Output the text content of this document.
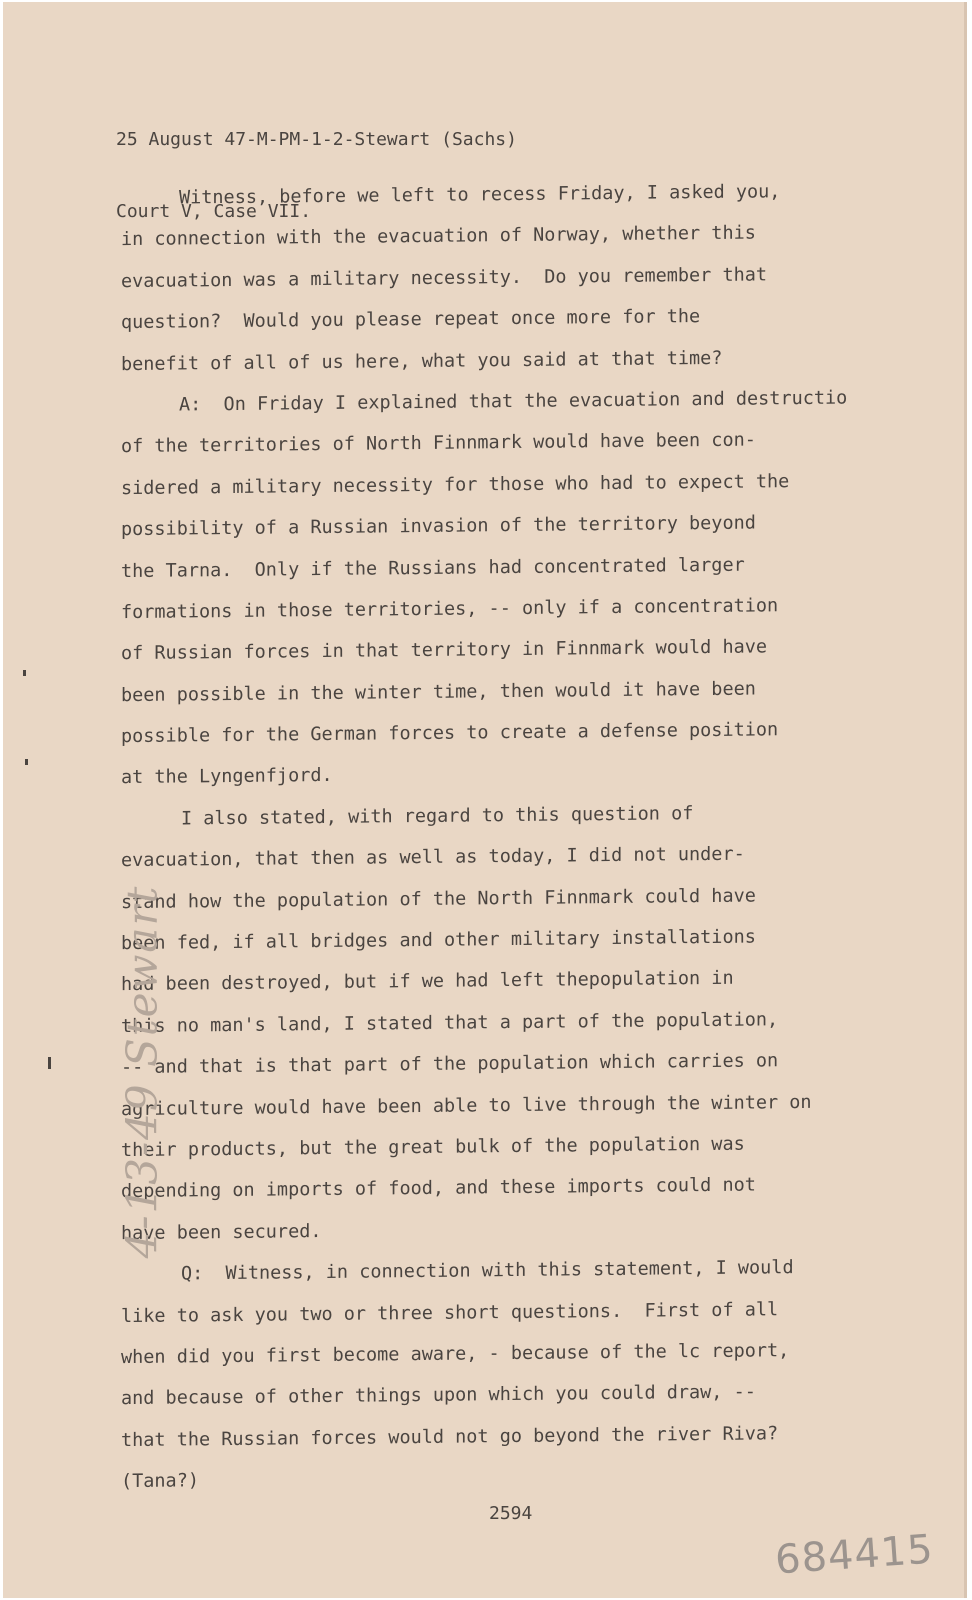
25 August 47-M-PM-1-2-Stewart (Sachs)

Court V, Case VII.

Witness, before we left to recess Friday, I asked you,
in connection with the evacuation of Norway, whether this
evacuation was a military necessity.  Do you remember that
question?  Would you please repeat once more for the
benefit of all of us here, what you said at that time?
A:  On Friday I explained that the evacuation and destructio
of the territories of North Finnmark would have been con-
sidered a military necessity for those who had to expect the
possibility of a Russian invasion of the territory beyond
the Tarna.  Only if the Russians had concentrated larger
formations in those territories, -- only if a concentration
of Russian forces in that territory in Finnmark would have
been possible in the winter time, then would it have been
possible for the German forces to create a defense position
at the Lyngenfjord.
I also stated, with regard to this question of
evacuation, that then as well as today, I did not under-
stand how the population of the North Finnmark could have
been fed, if all bridges and other military installations
had been destroyed, but if we had left thepopulation in
this no man's land, I stated that a part of the population,
-- and that is that part of the population which carries on
agriculture would have been able to live through the winter on
their products, but the great bulk of the population was
depending on imports of food, and these imports could not
have been secured.
Q:  Witness, in connection with this statement, I would
like to ask you two or three short questions.  First of all
when did you first become aware, - because of the lc report,
and because of other things upon which you could draw, --
that the Russian forces would not go beyond the river Riva?
(Tana?)
2594
4-13-49 Stewart
684415
